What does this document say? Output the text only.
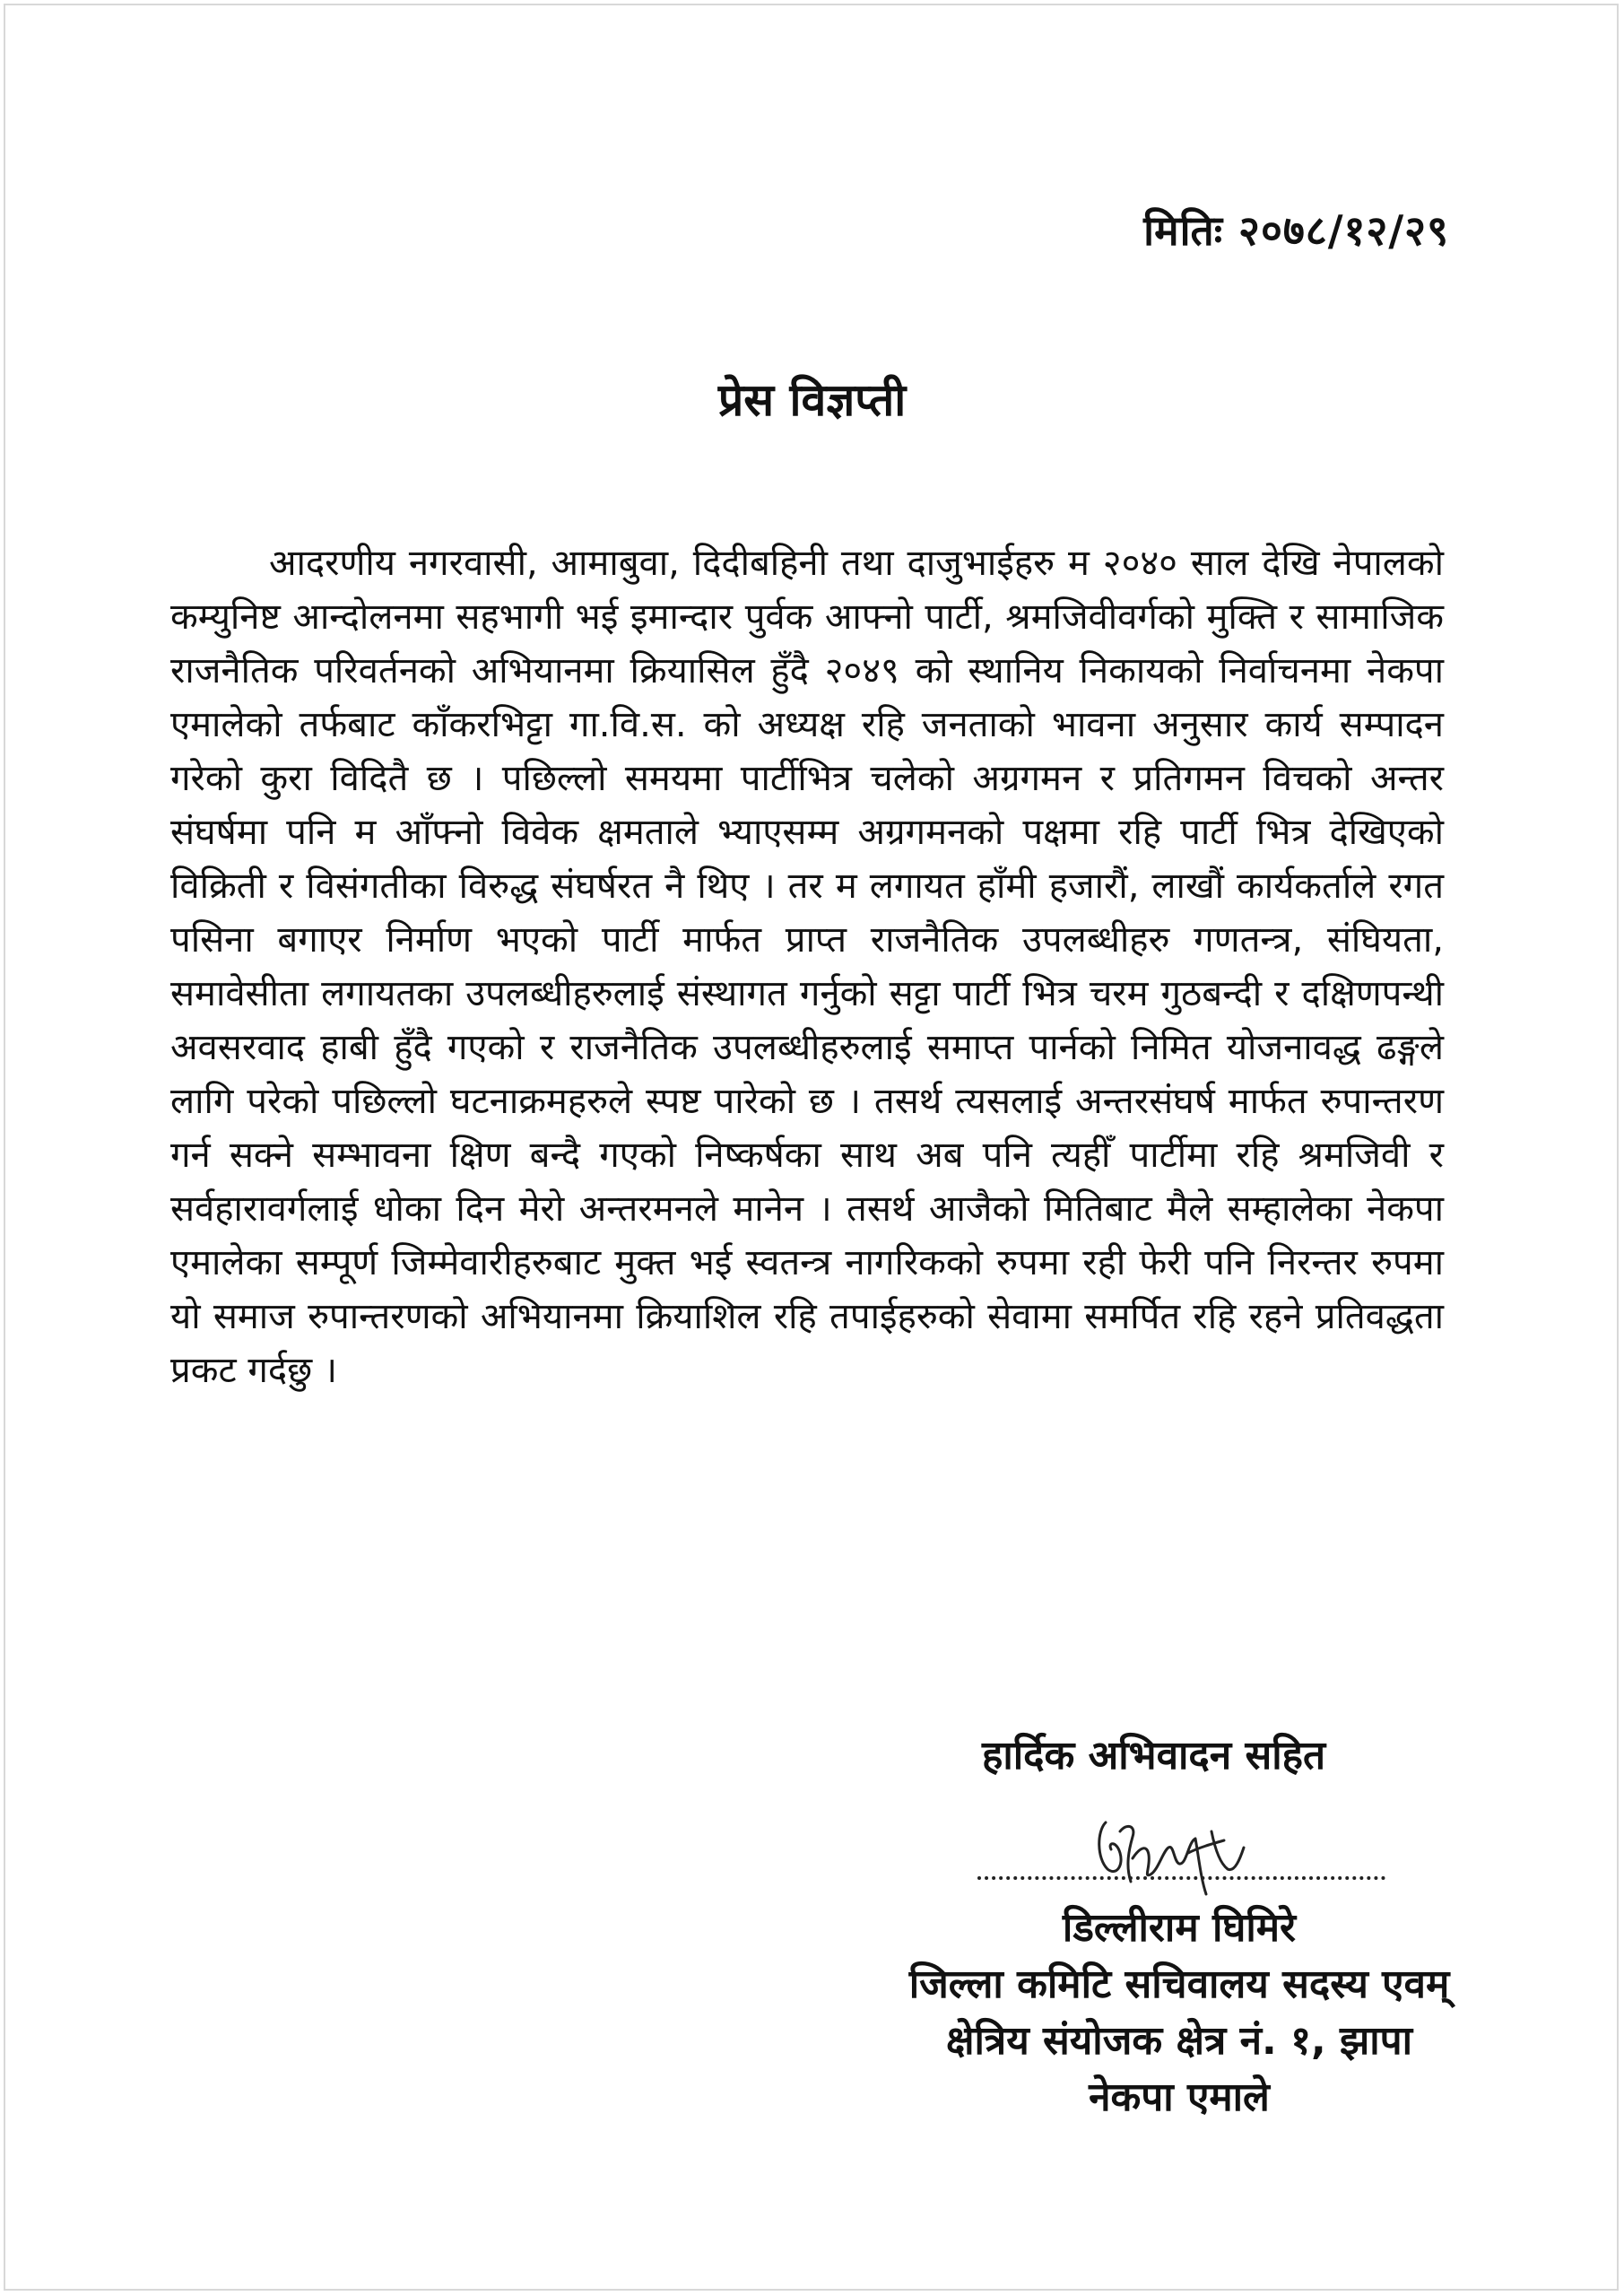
मितिः २०७८/१२/२९
प्रेस विज्ञप्ती

आदरणीय नगरवासी, आमाबुवा, दिदीबहिनी तथा दाजुभाईहरु म २०४० साल देखि नेपालको कम्युनिष्ट आन्दोलनमा सहभागी भई इमान्दार पुर्वक आफ्नो पार्टी, श्रमजिवीवर्गको मुक्ति र सामाजिक राजनैतिक परिवर्तनको अभियानमा क्रियासिल हुँदै २०४९ को स्थानिय निकायको निर्वाचनमा नेकपा एमालेको तर्फबाट काँकरभिट्टा गा.वि.स. को अध्यक्ष रहि जनताको भावना अनुसार कार्य सम्पादन गरेको कुरा विदितै छ । पछिल्लो समयमा पार्टीभित्र चलेको अग्रगमन र प्रतिगमन विचको अन्तर संघर्षमा पनि म आँफ्नो विवेक क्षमताले भ्याएसम्म अग्रगमनको पक्षमा रहि पार्टी भित्र देखिएको विक्रिती र विसंगतीका विरुद्ध संघर्षरत नै थिए । तर म लगायत हाँमी हजारौं, लाखौं कार्यकर्ताले रगत पसिना बगाएर निर्माण भएको पार्टी मार्फत प्राप्त राजनैतिक उपलब्धीहरु गणतन्त्र, संघियता, समावेसीता लगायतका उपलब्धीहरुलाई संस्थागत गर्नुको सट्टा पार्टी भित्र चरम गुठबन्दी र दक्षिणपन्थी अवसरवाद हाबी हुँदै गएको र राजनैतिक उपलब्धीहरुलाई समाप्त पार्नको निमित योजनावद्ध ढङ्गले लागि परेको पछिल्लो घटनाक्रमहरुले स्पष्ट पारेको छ । तसर्थ त्यसलाई अन्तरसंघर्ष मार्फत रुपान्तरण गर्न सक्ने सम्भावना क्षिण बन्दै गएको निष्कर्षका साथ अब पनि त्यहीँ पार्टीमा रहि श्रमजिवी र सर्वहारावर्गलाई धोका दिन मेरो अन्तरमनले मानेन । तसर्थ आजैको मितिबाट मैले सम्हालेका नेकपा एमालेका सम्पूर्ण जिम्मेवारीहरुबाट मुक्त भई स्वतन्त्र नागरिकको रुपमा रही फेरी पनि निरन्तर रुपमा यो समाज रुपान्तरणको अभियानमा क्रियाशिल रहि तपाईहरुको सेवामा समर्पित रहि रहने प्रतिवद्धता प्रकट गर्दछु ।

हार्दिक अभिवादन सहित
डिल्लीराम घिमिरे
जिल्ला कमिटि सचिवालय सदस्य एवम्
क्षेत्रिय संयोजक क्षेत्र नं. १, झापा
नेकपा एमाले
